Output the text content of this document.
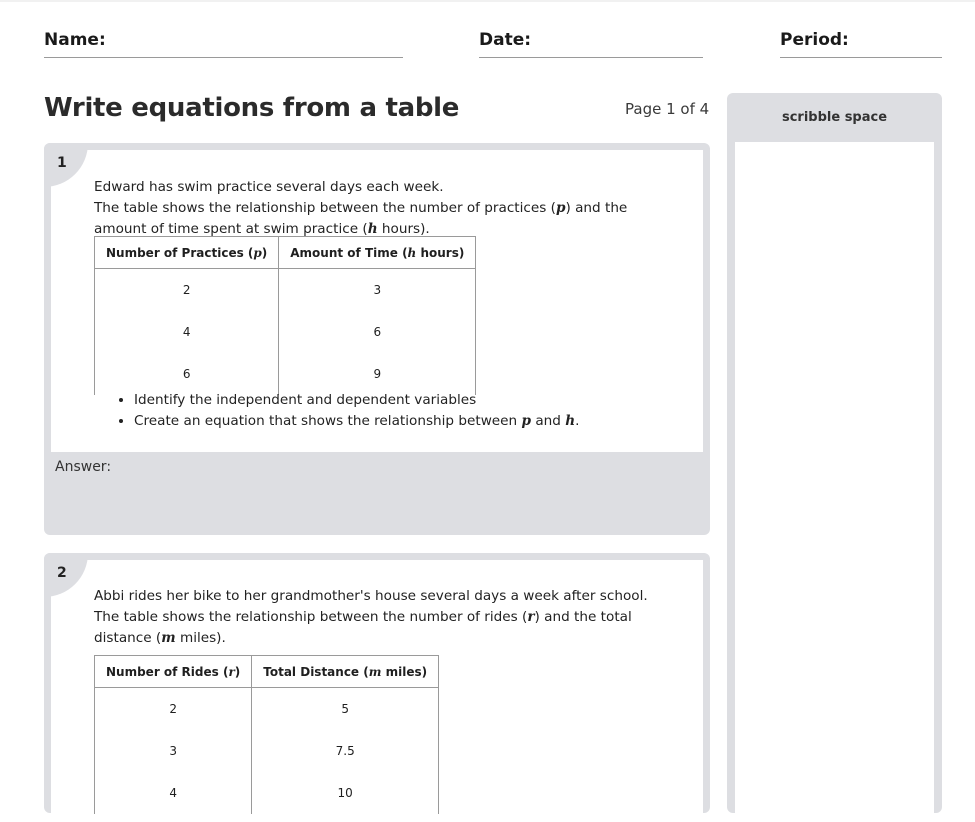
Name:	Date:	Period:
Write equations from a table	Page 1 of 4	scribble space

Edward has swim practice several days each week.
The table shows the relationship between the number of practices (p) and the amount of time spent at swim practice (h hours).

Number of Practices (p)	Amount of Time (h hours)
2	3
4	6
6	9
• Identify the independent and dependent variables
• Create an equation that shows the relationship between p and h.
1
Answer:

Abbi rides her bike to her grandmother's house several days a week after school.
The table shows the relationship between the number of rides (r) and the total distance (m miles).

Number of Rides (r)	Total Distance (m miles)
2	5
3	7.5
4	10
2
